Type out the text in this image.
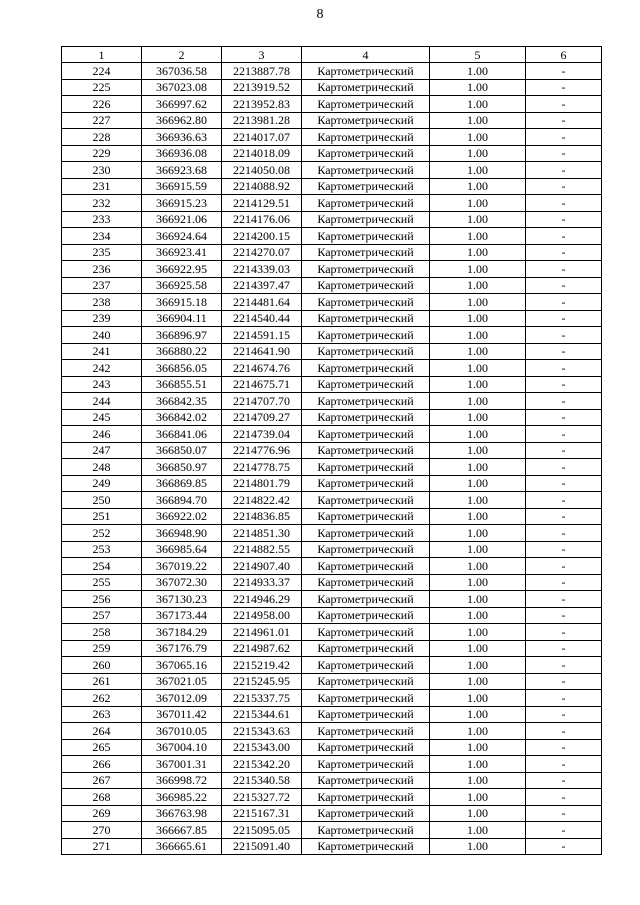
8
1	2	3	4	5	6
224	367036.58	2213887.78	Картометрический	1.00	-
225	367023.08	2213919.52	Картометрический	1.00	-
226	366997.62	2213952.83	Картометрический	1.00	-
227	366962.80	2213981.28	Картометрический	1.00	-
228	366936.63	2214017.07	Картометрический	1.00	-
229	366936.08	2214018.09	Картометрический	1.00	-
230	366923.68	2214050.08	Картометрический	1.00	-
231	366915.59	2214088.92	Картометрический	1.00	-
232	366915.23	2214129.51	Картометрический	1.00	-
233	366921.06	2214176.06	Картометрический	1.00	-
234	366924.64	2214200.15	Картометрический	1.00	-
235	366923.41	2214270.07	Картометрический	1.00	-
236	366922.95	2214339.03	Картометрический	1.00	-
237	366925.58	2214397.47	Картометрический	1.00	-
238	366915.18	2214481.64	Картометрический	1.00	-
239	366904.11	2214540.44	Картометрический	1.00	-
240	366896.97	2214591.15	Картометрический	1.00	-
241	366880.22	2214641.90	Картометрический	1.00	-
242	366856.05	2214674.76	Картометрический	1.00	-
243	366855.51	2214675.71	Картометрический	1.00	-
244	366842.35	2214707.70	Картометрический	1.00	-
245	366842.02	2214709.27	Картометрический	1.00	-
246	366841.06	2214739.04	Картометрический	1.00	-
247	366850.07	2214776.96	Картометрический	1.00	-
248	366850.97	2214778.75	Картометрический	1.00	-
249	366869.85	2214801.79	Картометрический	1.00	-
250	366894.70	2214822.42	Картометрический	1.00	-
251	366922.02	2214836.85	Картометрический	1.00	-
252	366948.90	2214851.30	Картометрический	1.00	-
253	366985.64	2214882.55	Картометрический	1.00	-
254	367019.22	2214907.40	Картометрический	1.00	-
255	367072.30	2214933.37	Картометрический	1.00	-
256	367130.23	2214946.29	Картометрический	1.00	-
257	367173.44	2214958.00	Картометрический	1.00	-
258	367184.29	2214961.01	Картометрический	1.00	-
259	367176.79	2214987.62	Картометрический	1.00	-
260	367065.16	2215219.42	Картометрический	1.00	-
261	367021.05	2215245.95	Картометрический	1.00	-
262	367012.09	2215337.75	Картометрический	1.00	-
263	367011.42	2215344.61	Картометрический	1.00	-
264	367010.05	2215343.63	Картометрический	1.00	-
265	367004.10	2215343.00	Картометрический	1.00	-
266	367001.31	2215342.20	Картометрический	1.00	-
267	366998.72	2215340.58	Картометрический	1.00	-
268	366985.22	2215327.72	Картометрический	1.00	-
269	366763.98	2215167.31	Картометрический	1.00	-
270	366667.85	2215095.05	Картометрический	1.00	-
271	366665.61	2215091.40	Картометрический	1.00	-
